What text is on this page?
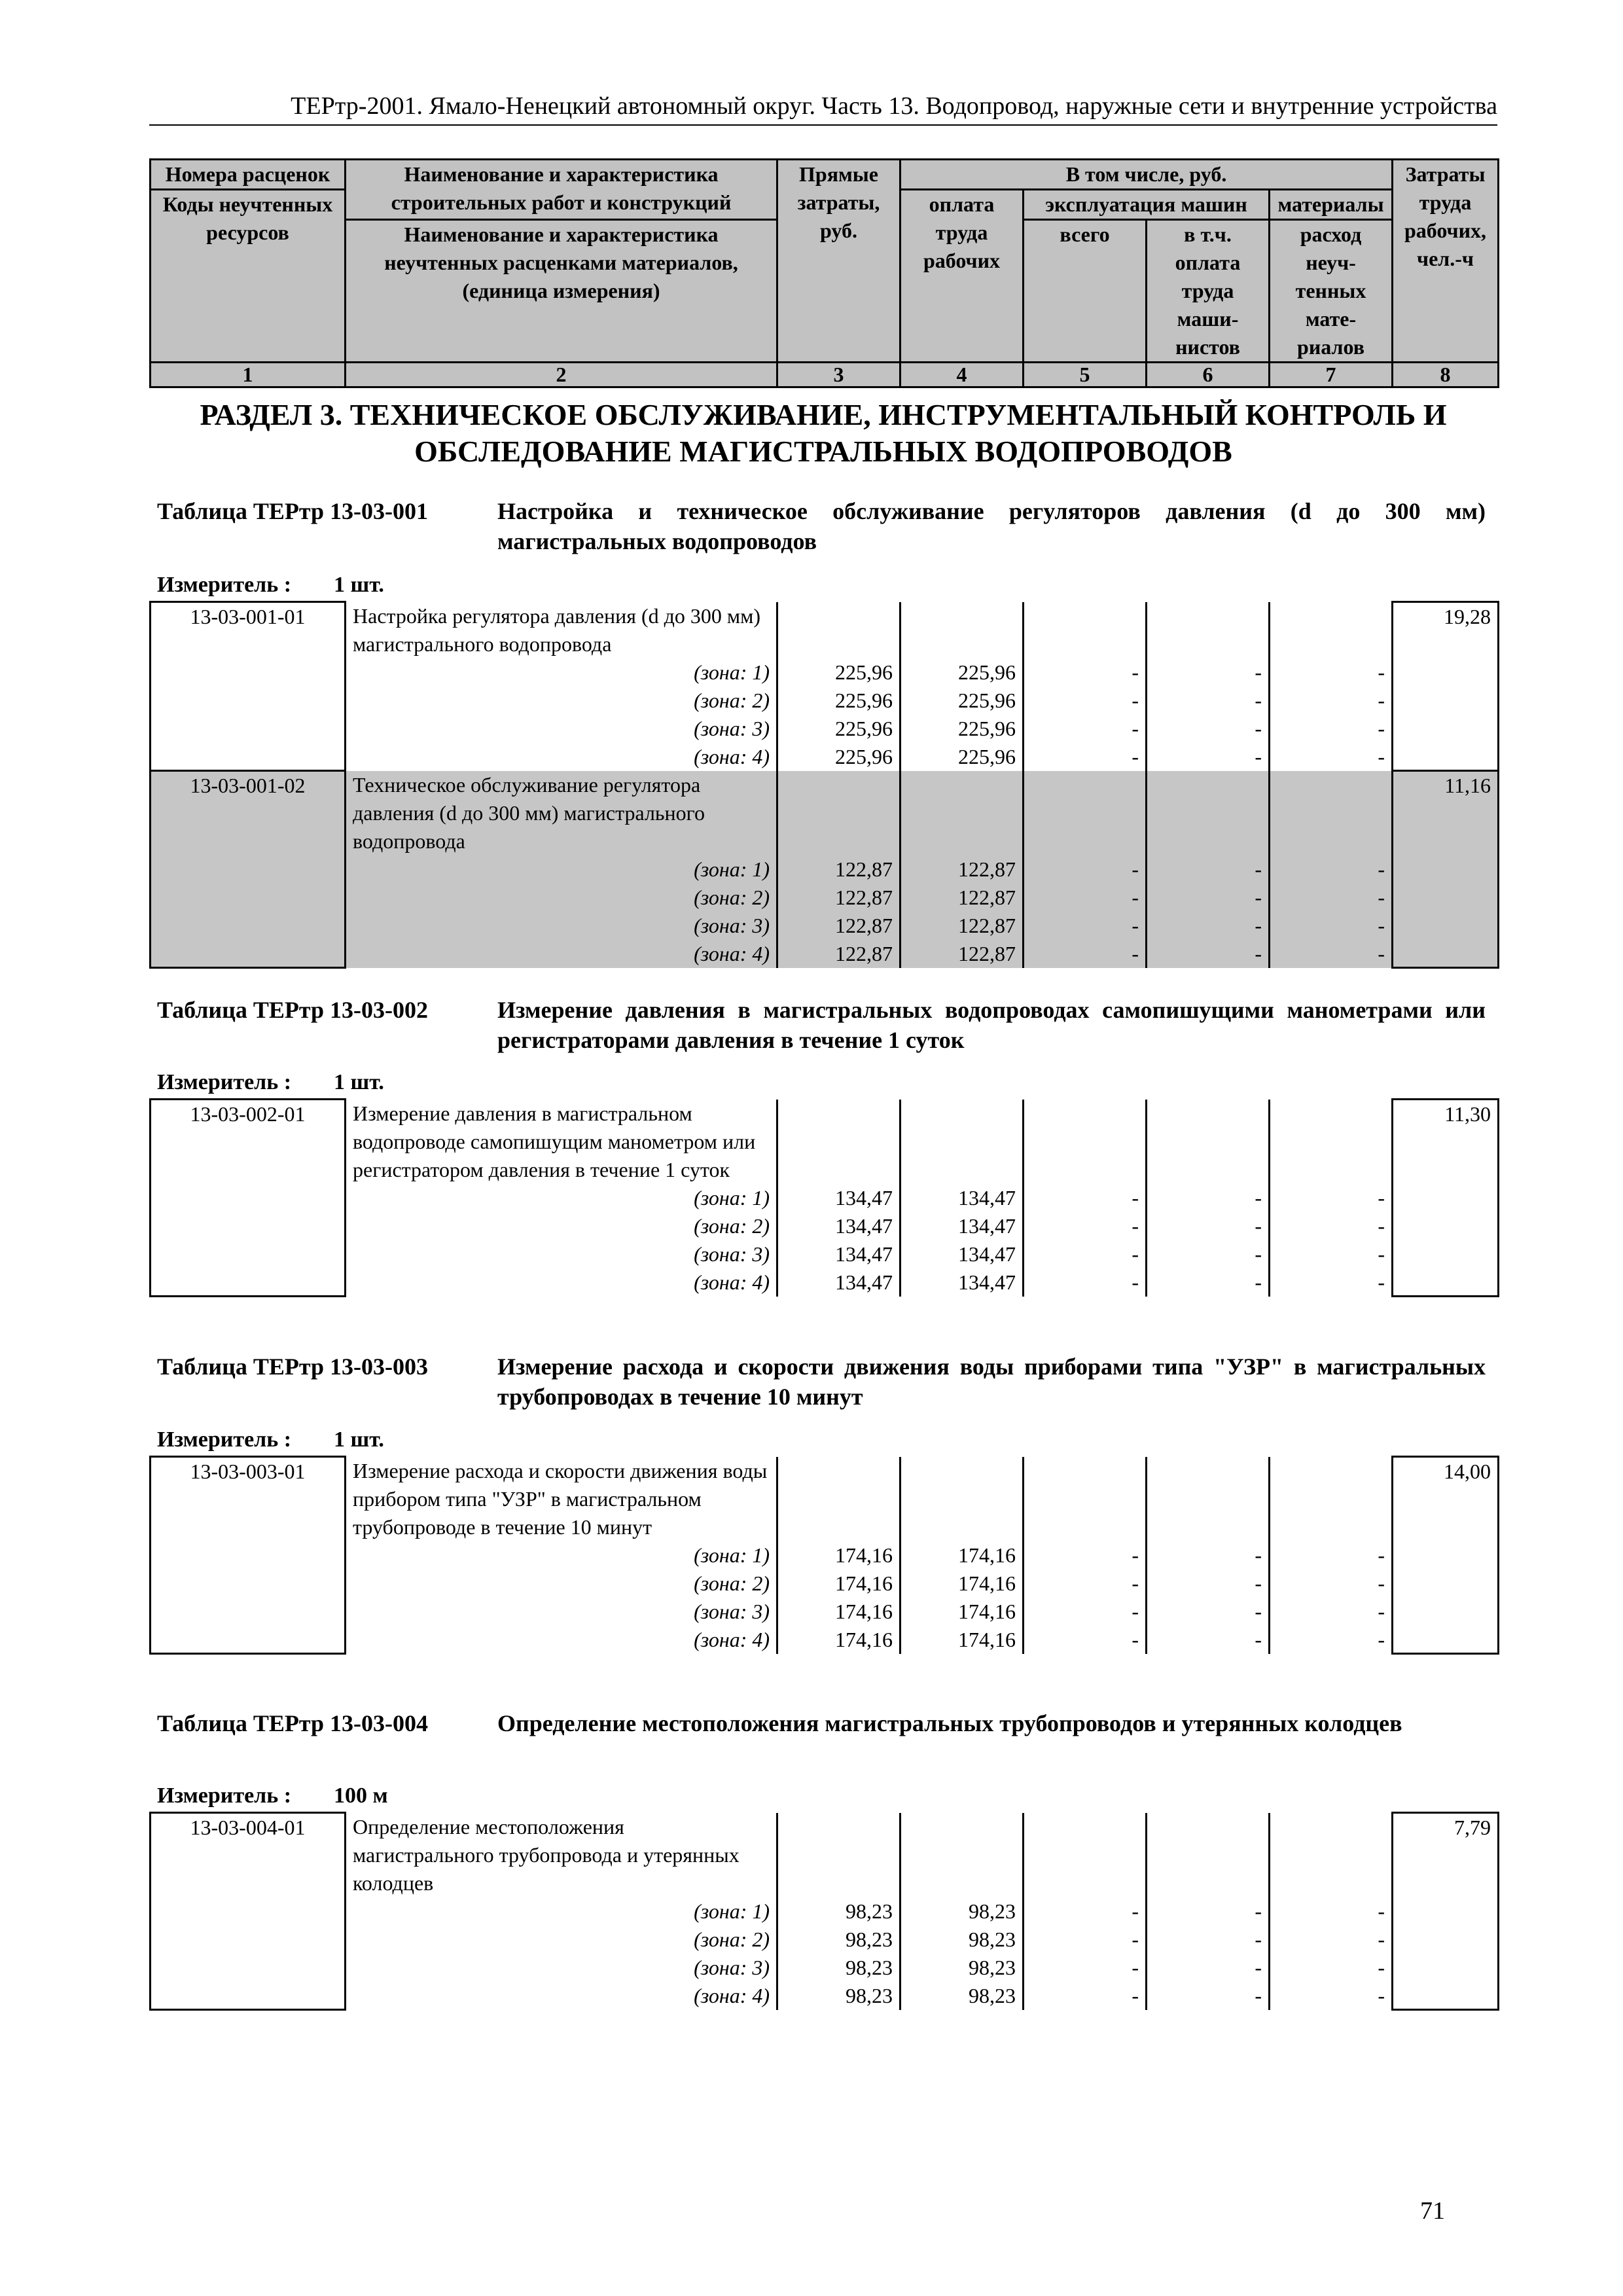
ТЕРтр-2001. Ямало-Ненецкий автономный округ. Часть 13. Водопровод, наружные сети и внутренние устройства
Номера расценок	Наименование и характеристика строительных работ и конструкций	Прямые затраты, руб.	В том числе, руб.				Затраты труда рабочих, чел.-ч
Коды неучтенных ресурсов			оплата труда рабочих	эксплуатация машин		материалы	
	Наименование и характеристика неучтенных расценками материалов, (единица измерения)			всего	в т.ч. оплата труда маши-нистов	расход неуч-тенных мате-риалов	

1	2	3	4	5	6	7	8
РАЗДЕЛ 3. ТЕХНИЧЕСКОЕ ОБСЛУЖИВАНИЕ, ИНСТРУМЕНТАЛЬНЫЙ КОНТРОЛЬ И ОБСЛЕДОВАНИЕ МАГИСТРАЛЬНЫХ ВОДОПРОВОДОВ
Таблица ТЕРтр 13-03-001	Настройка и техническое обслуживание регуляторов давления (d до 300 мм) магистральных водопроводов
Измеритель : 1 шт.
13-03-001-01	Настройка регулятора давления (d до 300 мм) магистрального водопровода						19,28
	(зона: 1)	225,96	225,96	-	-	-	
	(зона: 2)	225,96	225,96	-	-	-	
	(зона: 3)	225,96	225,96	-	-	-	
	(зона: 4)	225,96	225,96	-	-	-	
13-03-001-02	Техническое обслуживание регулятора давления (d до 300 мм) магистрального водопровода						11,16
	(зона: 1)	122,87	122,87	-	-	-	
	(зона: 2)	122,87	122,87	-	-	-	
	(зона: 3)	122,87	122,87	-	-	-	
	(зона: 4)	122,87	122,87	-	-	-	
Таблица ТЕРтр 13-03-002	Измерение давления в магистральных водопроводах самопишущими манометрами или регистраторами давления в течение 1 суток
Измеритель : 1 шт.
13-03-002-01	Измерение давления в магистральном водопроводе самопишущим манометром или регистратором давления в течение 1 суток						11,30
	(зона: 1)	134,47	134,47	-	-	-	
	(зона: 2)	134,47	134,47	-	-	-	
	(зона: 3)	134,47	134,47	-	-	-	
	(зона: 4)	134,47	134,47	-	-	-	
Таблица ТЕРтр 13-03-003	Измерение расхода и скорости движения воды приборами типа "УЗР" в магистральных трубопроводах в течение 10 минут
Измеритель : 1 шт.
13-03-003-01	Измерение расхода и скорости движения воды прибором типа "УЗР" в магистральном трубопроводе в течение 10 минут						14,00
	(зона: 1)	174,16	174,16	-	-	-	
	(зона: 2)	174,16	174,16	-	-	-	
	(зона: 3)	174,16	174,16	-	-	-	
	(зона: 4)	174,16	174,16	-	-	-	
Таблица ТЕРтр 13-03-004	Определение местоположения магистральных трубопроводов и утерянных колодцев
Измеритель : 100 м
13-03-004-01	Определение местоположения магистрального трубопровода и утерянных колодцев						7,79
	(зона: 1)	98,23	98,23	-	-	-	
	(зона: 2)	98,23	98,23	-	-	-	
	(зона: 3)	98,23	98,23	-	-	-	
	(зона: 4)	98,23	98,23	-	-	-	
71
